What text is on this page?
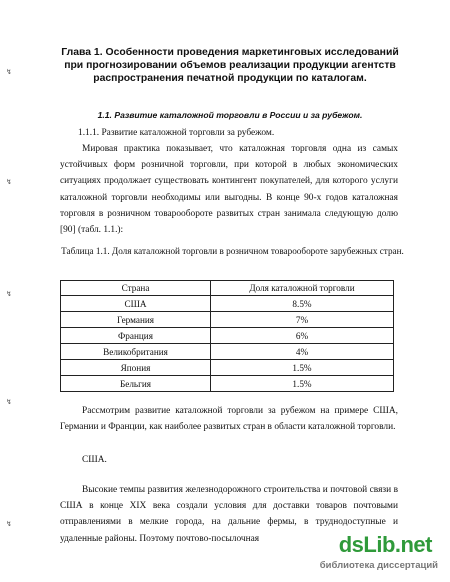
↯
↯
↯
↯
↯
Глава 1. Особенности проведения маркетинговых исследований при прогнозировании объемов реализации продукции агентств распространения печатной продукции по каталогам.
1.1. Развитие каталожной торговли в России и за рубежом.
1.1.1. Развитие каталожной торговли за рубежом.
Мировая практика показывает, что каталожная торговля одна из самых устойчивых форм розничной торговли, при которой в любых экономических ситуациях продолжает существовать контингент покупателей, для которого услуги каталожной торговли необходимы или выгодны. В конце 90-х годов каталожная торговля в розничном товарообороте развитых стран занимала следующую долю [90] (табл. 1.1.):
Таблица 1.1. Доля каталожной торговли в розничном товарообороте зарубежных стран.
Страна	Доля каталожной торговли
США	8.5%
Германия	7%
Франция	6%
Великобритания	4%
Япония	1.5%
Бельгия	1.5%
Рассмотрим развитие каталожной торговли за рубежом на примере США, Германии и Франции, как наиболее развитых стран в области каталожной торговли.
США.
Высокие темпы развития железнодорожного строительства и почтовой связи в США в конце XIX века создали условия для доставки товаров почтовыми отправлениями в мелкие города, на дальние фермы, в труднодоступные и удаленные районы. Поэтому почтово-посылочная	dsLib.net
библиотека диссертаций
